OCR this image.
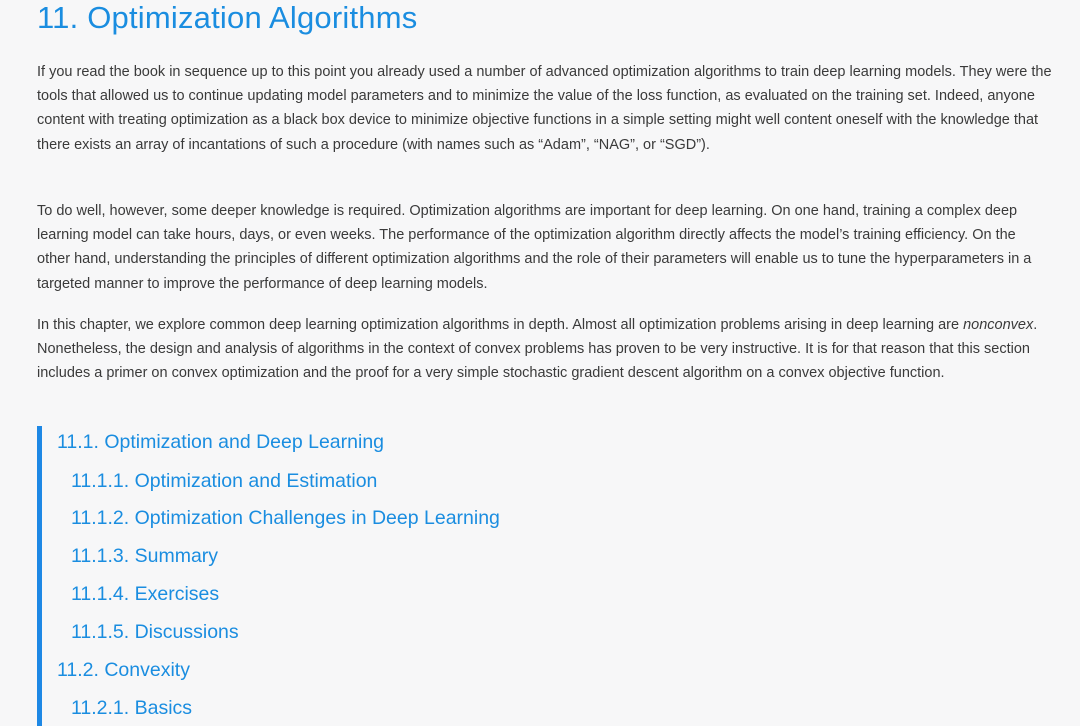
11. Optimization Algorithms

If you read the book in sequence up to this point you already used a number of advanced optimization algorithms to train deep learning models. They were the tools that allowed us to continue updating model parameters and to minimize the value of the loss function, as evaluated on the training set. Indeed, anyone content with treating optimization as a black box device to minimize objective functions in a simple setting might well content oneself with the knowledge that there exists an array of incantations of such a procedure (with names such as “Adam”, “NAG”, or “SGD”).

To do well, however, some deeper knowledge is required. Optimization algorithms are important for deep learning. On one hand, training a complex deep learning model can take hours, days, or even weeks. The performance of the optimization algorithm directly affects the model’s training efficiency. On the other hand, understanding the principles of different optimization algorithms and the role of their parameters will enable us to tune the hyperparameters in a targeted manner to improve the performance of deep learning models.

In this chapter, we explore common deep learning optimization algorithms in depth. Almost all optimization problems arising in deep learning are nonconvex. Nonetheless, the design and analysis of algorithms in the context of convex problems has proven to be very instructive. It is for that reason that this section includes a primer on convex optimization and the proof for a very simple stochastic gradient descent algorithm on a convex objective function.

11.1. Optimization and Deep Learning
11.1.1. Optimization and Estimation
11.1.2. Optimization Challenges in Deep Learning
11.1.3. Summary
11.1.4. Exercises
11.1.5. Discussions
11.2. Convexity
11.2.1. Basics
